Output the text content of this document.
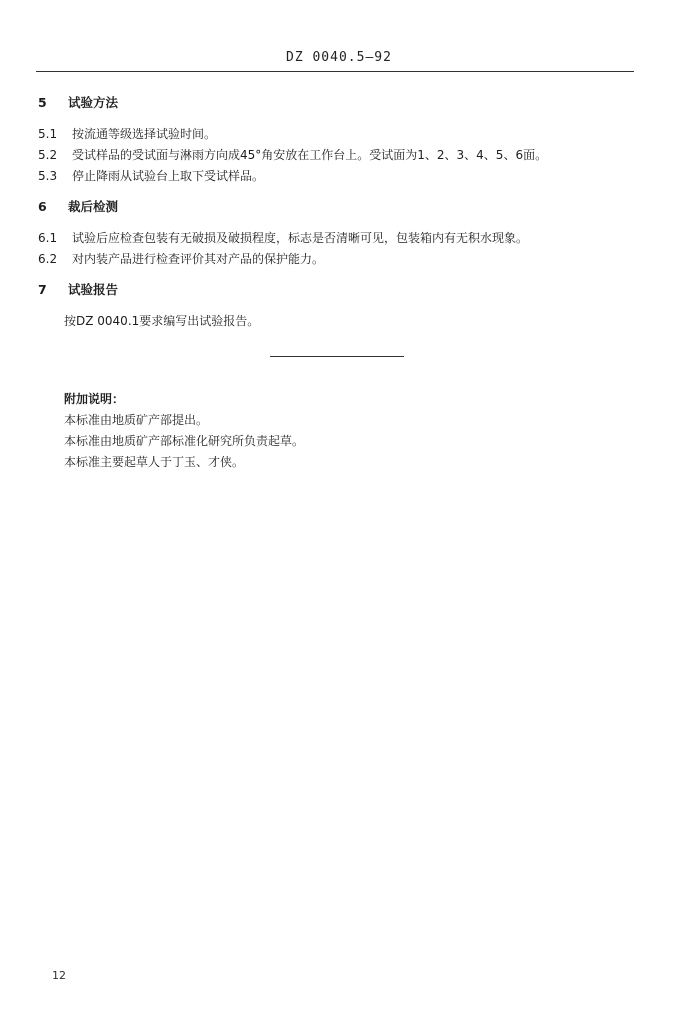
DZ 0040.5—92
5 试验方法
5.1 按流通等级选择试验时间。
5.2 受试样品的受试面与淋雨方向成45°角安放在工作台上。受试面为1、2、3、4、5、6面。
5.3 停止降雨从试验台上取下受试样品。
6 裁后检测
6.1 试验后应检查包装有无破损及破损程度，标志是否清晰可见，包装箱内有无积水现象。
6.2 对内装产品进行检查评价其对产品的保护能力。
7 试验报告
按DZ 0040.1要求编写出试验报告。
附加说明：
本标准由地质矿产部提出。
本标准由地质矿产部标准化研究所负责起草。
本标准主要起草人于丁玉、才侠。
12
